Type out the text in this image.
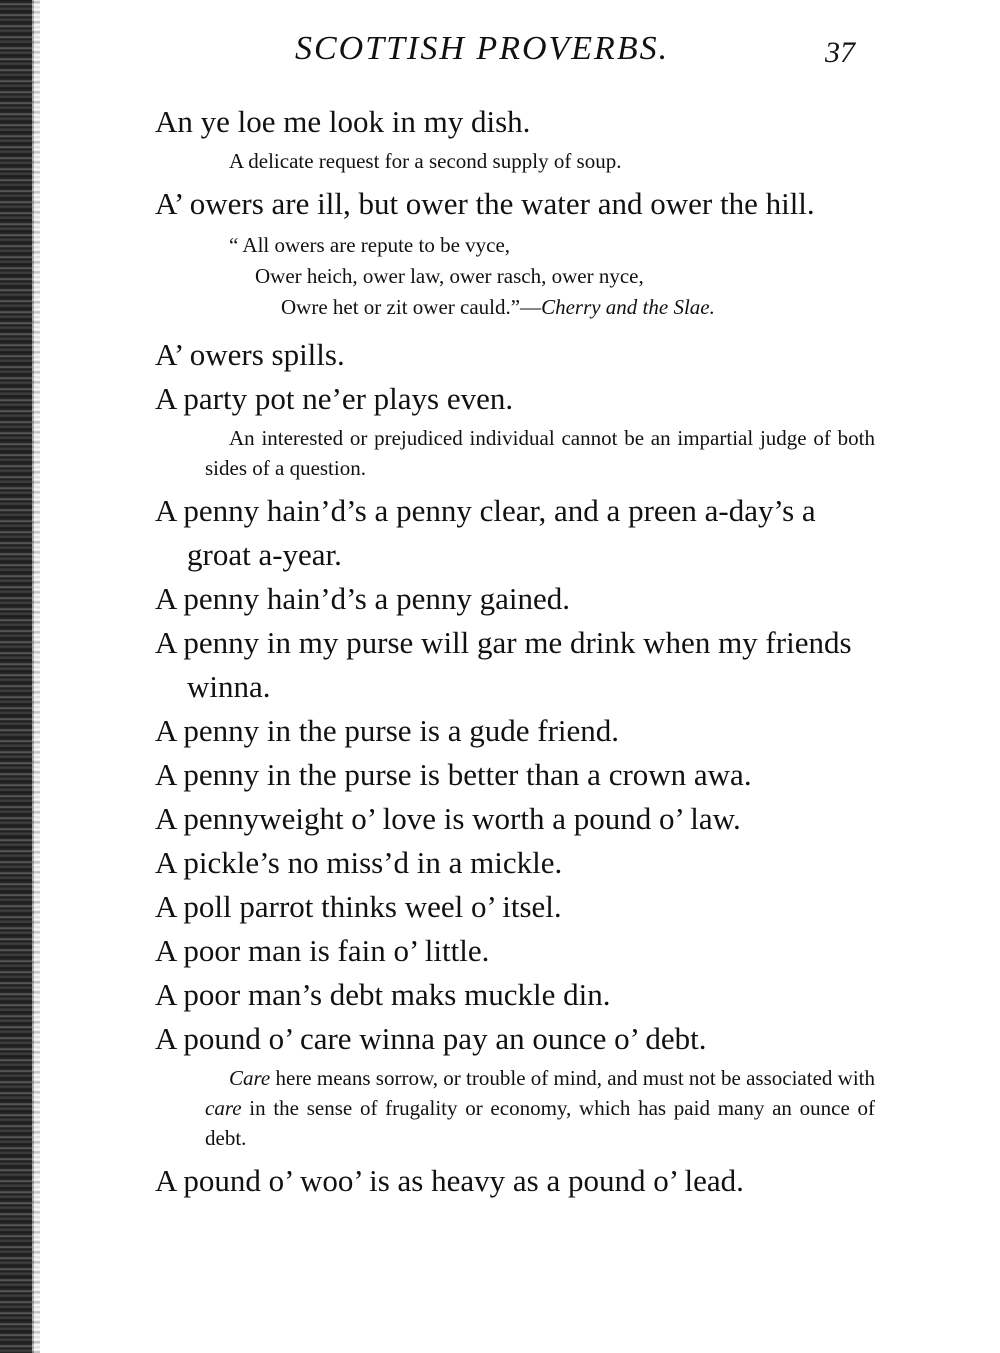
SCOTTISH PROVERBS.	37

An ye loe me look in my dish.

A delicate request for a second supply of soup.

A’ owers are ill, but ower the water and ower the hill.

“ All owers are repute to be vyce,
Ower heich, ower law, ower rasch, ower nyce,
Owre het or zit ower cauld.”—Cherry and the Slae.

A’ owers spills.

A party pot ne’er plays even.

An interested or prejudiced individual cannot be an impartial judge of both sides of a question.

A penny hain’d’s a penny clear, and a preen a-day’s a groat a-year.

A penny hain’d’s a penny gained.

A penny in my purse will gar me drink when my friends winna.

A penny in the purse is a gude friend.

A penny in the purse is better than a crown awa.

A pennyweight o’ love is worth a pound o’ law.

A pickle’s no miss’d in a mickle.

A poll parrot thinks weel o’ itsel.

A poor man is fain o’ little.

A poor man’s debt maks muckle din.

A pound o’ care winna pay an ounce o’ debt.

Care here means sorrow, or trouble of mind, and must not be associated with care in the sense of frugality or economy, which has paid many an ounce of debt.

A pound o’ woo’ is as heavy as a pound o’ lead.
